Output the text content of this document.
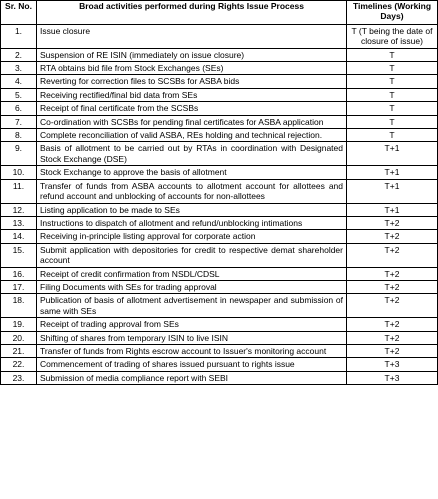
Sr. No.	Broad activities performed during Rights Issue Process	Timelines (Working Days)
1.	Issue closure	T (T being the date of closure of issue)
2.	Suspension of RE ISIN (immediately on issue closure)	T
3.	RTA obtains bid file from Stock Exchanges (SEs)	T
4.	Reverting for correction files to SCSBs for ASBA bids	T
5.	Receiving rectified/final bid data from SEs	T
6.	Receipt of final certificate from the SCSBs	T
7.	Co-ordination with SCSBs for pending final certificates for ASBA application	T
8.	Complete reconciliation of valid ASBA, REs holding and technical rejection.	T
9.	Basis of allotment to be carried out by RTAs in coordination with Designated Stock Exchange (DSE)	T+1
10.	Stock Exchange to approve the basis of allotment	T+1
11.	Transfer of funds from ASBA accounts to allotment account for allottees and refund account and unblocking of accounts for non-allottees	T+1
12.	Listing application to be made to SEs	T+1
13.	Instructions to dispatch of allotment and refund/unblocking intimations	T+2
14.	Receiving in-principle listing approval for corporate action	T+2
15.	Submit application with depositories for credit to respective demat shareholder account	T+2
16.	Receipt of credit confirmation from NSDL/CDSL	T+2
17.	Filing Documents with SEs for trading approval	T+2
18.	Publication of basis of allotment advertisement in newspaper and submission of same with SEs	T+2
19.	Receipt of trading approval from SEs	T+2
20.	Shifting of shares from temporary ISIN to live ISIN	T+2
21.	Transfer of funds from Rights escrow account to Issuer's monitoring account	T+2
22.	Commencement of trading of shares issued pursuant to rights issue	T+3
23.	Submission of media compliance report with SEBI	T+3
